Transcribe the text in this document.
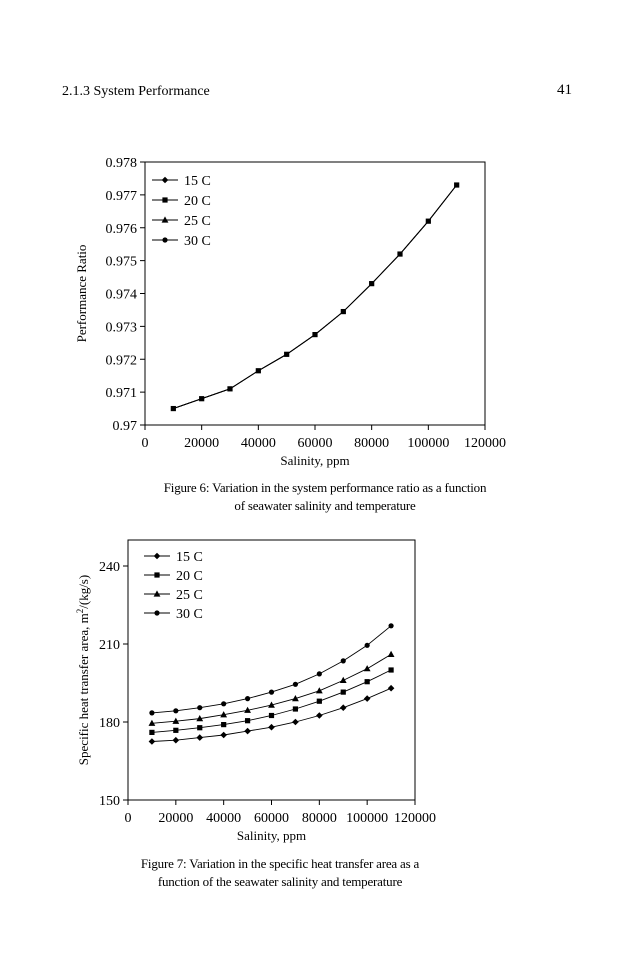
2.1.3 System Performance	41
0.97
0.971
0.972
0.973
0.974
0.975
0.976
0.977
0.978
0	20000 40000 60000 80000 100000 120000
Salinity, ppm
Performance Ratio
15 C
20 C
25 C
30 C
Figure 6: Variation in the system performance ratio as a function
of seawater salinity and temperature
150
180
210
240
0 20000 40000 60000 80000 100000 120000
Salinity, ppm
Specific heat transfer area, $m^2/(kg/s)$
15 C
20 C
25 C
30 C
Figure 7: Variation in the specific heat transfer area as a
function of the seawater salinity and temperature
